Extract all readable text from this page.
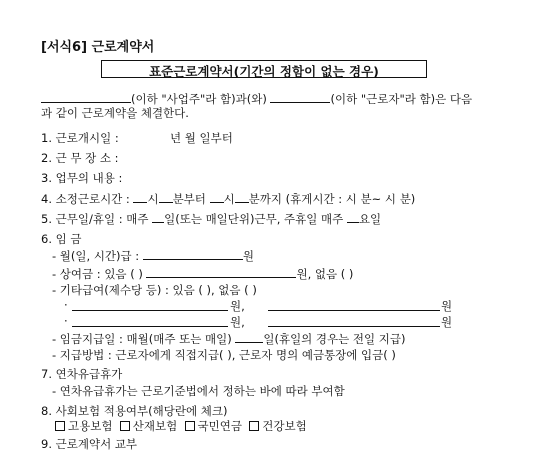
[서식6] 근로계약서
표준근로계약서(기간의 정함이 없는 경우)
(이하 "사업주"라 함)과(와)	(이하 "근로자"라 함)은 다음
과 같이 근로계약을 체결한다.
1. 근로개시일 :	년 월 일부터
2. 근 무 장 소 :
3. 업무의 내용 :
4. 소정근로시간 : 시 분부터 시 분까지 (휴게시간 : 시 분~ 시 분)
5. 근무일/휴일 : 매주 일(또는 매일단위)근무, 주휴일 매주 요일
6. 임 금
- 월(일, 시간)급 :	원
- 상여금 : 있음 ( )	원, 없음 ( )
- 기타급여(제수당 등) : 있음 ( ), 없음 ( )
·	원,	원
·	원,	원
- 임금지급일 : 매월(매주 또는 매일)	일(휴일의 경우는 전일 지급)
- 지급방법 : 근로자에게 직접지급( ), 근로자 명의 예금통장에 입금( )
7. 연차유급휴가
- 연차유급휴가는 근로기준법에서 정하는 바에 따라 부여함
8. 사회보험 적용여부(해당란에 체크)
고용보험 산재보험 국민연금 건강보험
9. 근로계약서 교부
